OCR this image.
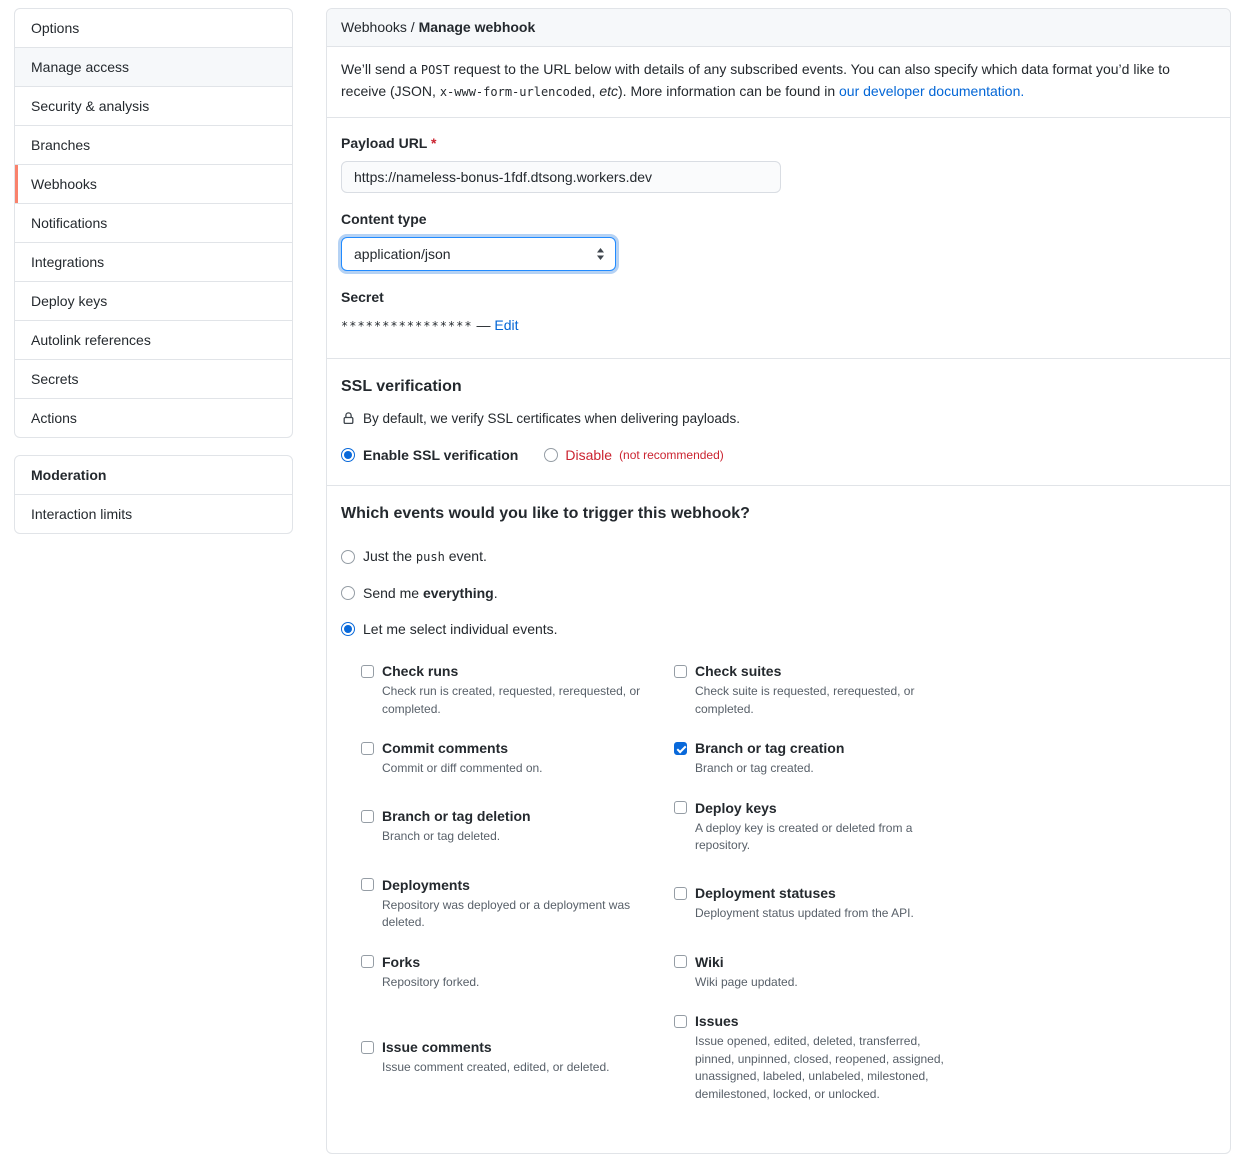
Options
Manage access
Security & analysis
Branches
Webhooks
Notifications
Integrations
Deploy keys
Autolink references
Secrets
Actions
Moderation
Interaction limits
Webhooks / Manage webhook
We’ll send a POST request to the URL below with details of any subscribed events. You can also specify which data format you’d like to receive (JSON, x-www-form-urlencoded, etc). More information can be found in our developer documentation.
Payload URL *
https://nameless-bonus-1fdf.dtsong.workers.dev
Content type
application/json
Secret
**************** — Edit
SSL verification
By default, we verify SSL certificates when delivering payloads.
Enable SSL verification	Disable (not recommended)
Which events would you like to trigger this webhook?
Just the push event.
Send me everything.
Let me select individual events.
Check runs
Check run is created, requested, rerequested, or completed.
Check suites
Check suite is requested, rerequested, or completed.
Commit comments
Commit or diff commented on.
Branch or tag creation
Branch or tag created.
Branch or tag deletion
Branch or tag deleted.
Deploy keys
A deploy key is created or deleted from a repository.
Deployments
Repository was deployed or a deployment was deleted.
Deployment statuses
Deployment status updated from the API.
Forks
Repository forked.
Wiki
Wiki page updated.
Issue comments
Issue comment created, edited, or deleted.
Issues
Issue opened, edited, deleted, transferred, pinned, unpinned, closed, reopened, assigned, unassigned, labeled, unlabeled, milestoned, demilestoned, locked, or unlocked.
